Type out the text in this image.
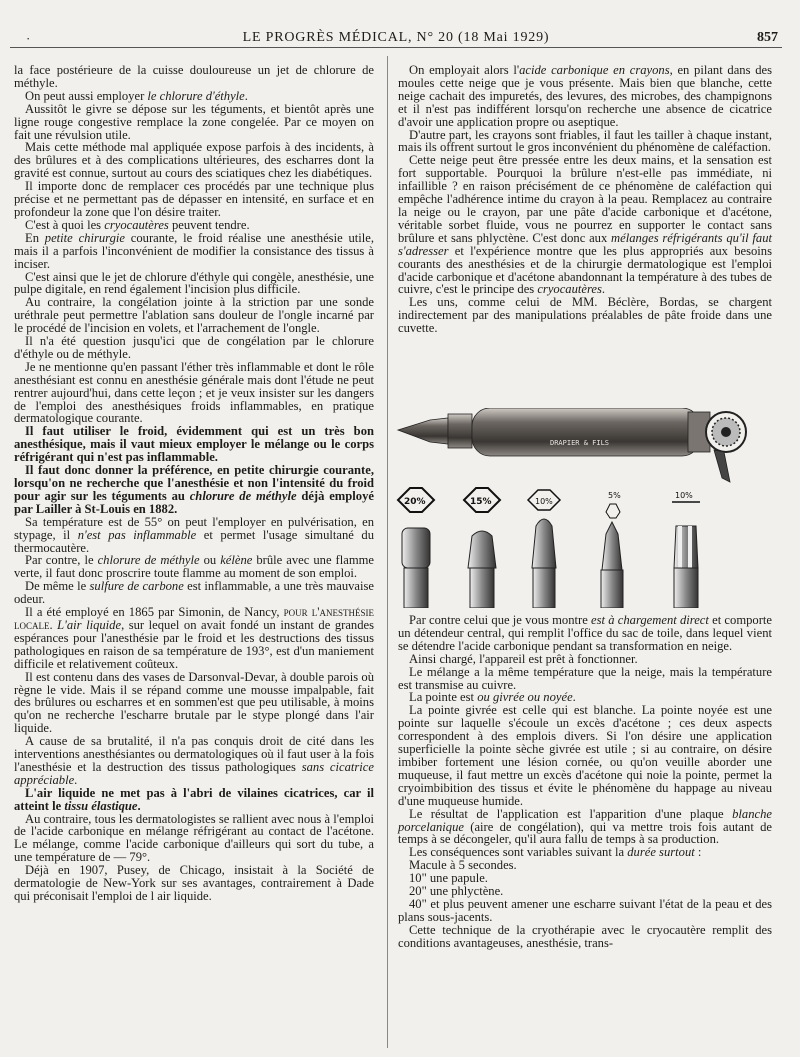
·	LE PROGRÈS MÉDICAL, N° 20 (18 Mai 1929)	857

la face postérieure de la cuisse douloureuse un jet de chlorure de méthyle.

On peut aussi employer le chlorure d'éthyle.

Aussitôt le givre se dépose sur les téguments, et bientôt après une ligne rouge congestive remplace la zone congelée. Par ce moyen on fait une révulsion utile.

Mais cette méthode mal appliquée expose parfois à des incidents, à des brûlures et à des complications ultérieures, des escharres dont la gravité est connue, surtout au cours des sciatiques chez les diabétiques.

Il importe donc de remplacer ces procédés par une technique plus précise et ne permettant pas de dépasser en intensité, en surface et en profondeur la zone que l'on désire traiter.

C'est à quoi les cryocautères peuvent tendre.

En petite chirurgie courante, le froid réalise une anesthésie utile, mais il a parfois l'inconvénient de modifier la consistance des tissus à inciser.

C'est ainsi que le jet de chlorure d'éthyle qui congèle, anesthésie, une pulpe digitale, en rend également l'incision plus difficile.

Au contraire, la congélation jointe à la striction par une sonde uréthrale peut permettre l'ablation sans douleur de l'ongle incarné par le procédé de l'incision en volets, et l'arrachement de l'ongle.

Il n'a été question jusqu'ici que de congélation par le chlorure d'éthyle ou de méthyle.

Je ne mentionne qu'en passant l'éther très inflammable et dont le rôle anesthésiant est connu en anesthésie générale mais dont l'étude ne peut rentrer aujourd'hui, dans cette leçon ; et je veux insister sur les dangers de l'emploi des anesthésiques froids inflammables, en pratique dermatologique courante.

Il faut utiliser le froid, évidemment qui est un très bon anesthésique, mais il vaut mieux employer le mélange ou le corps réfrigérant qui n'est pas inflammable.

Il faut donc donner la préférence, en petite chirurgie courante, lorsqu'on ne recherche que l'anesthésie et non l'intensité du froid pour agir sur les téguments au chlorure de méthyle déjà employé par Lailler à St-Louis en 1882.

Sa température est de 55° on peut l'employer en pulvérisation, en stypage, il n'est pas inflammable et permet l'usage simultané du thermocautère.

Par contre, le chlorure de méthyle ou kélène brûle avec une flamme verte, il faut donc proscrire toute flamme au moment de son emploi.

De même le sulfure de carbone est inflammable, a une très mauvaise odeur.

Il a été employé en 1865 par Simonin, de Nancy, pour l'anesthésie locale. L'air liquide, sur lequel on avait fondé un instant de grandes espérances pour l'anesthésie par le froid et les destructions des tissus pathologiques en raison de sa température de 193°, est d'un maniement difficile et relativement coûteux.

Il est contenu dans des vases de Darsonval-Devar, à double parois où règne le vide. Mais il se répand comme une mousse impalpable, fait des brûlures ou escharres et en sommen'est que peu utilisable, à moins qu'on ne recherche l'escharre brutale par le stype plongé dans l'air liquide.

A cause de sa brutalité, il n'a pas conquis droit de cité dans les interventions anesthésiantes ou dermatologiques où il faut user à la fois l'anesthésie et la destruction des tissus pathologiques sans cicatrice appréciable.

L'air liquide ne met pas à l'abri de vilaines cicatrices, car il atteint le tissu élastique.

Au contraire, tous les dermatologistes se rallient avec nous à l'emploi de l'acide carbonique en mélange réfrigérant au contact de l'acétone. Le mélange, comme l'acide carbonique d'ailleurs qui sort du tube, a une température de — 79°.

Déjà en 1907, Pusey, de Chicago, insistait à la Société de dermatologie de New-York sur ses avantages, contrairement à Dade qui préconisait l'emploi de l air liquide.

On employait alors l'acide carbonique en crayons, en pilant dans des moules cette neige que je vous présente. Mais bien que blanche, cette neige cachait des impuretés, des levures, des microbes, des champignons et il n'est pas indifférent lorsqu'on recherche une absence de cicatrice d'avoir une application propre ou aseptique.

D'autre part, les crayons sont friables, il faut les tailler à chaque instant, mais ils offrent surtout le gros inconvénient du phénomène de caléfaction.

Cette neige peut être pressée entre les deux mains, et la sensation est fort supportable. Pourquoi la brûlure n'est-elle pas immédiate, ni infaillible ? en raison précisément de ce phénomène de caléfaction qui empêche l'adhérence intime du crayon à la peau. Remplacez au contraire la neige ou le crayon, par une pâte d'acide carbonique et d'acétone, véritable sorbet fluide, vous ne pourrez en supporter le contact sans brûlure et sans phlyctène. C'est donc aux mélanges réfrigérants qu'il faut s'adresser et l'expérience montre que les plus appropriés aux besoins courants des anesthésies et de la chirurgie dermatologique est l'emploi d'acide carbonique et d'acétone abandonnant la température à des tubes de cuivre, c'est le principe des cryocautères.

Les uns, comme celui de MM. Béclère, Bordas, se chargent indirectement par des manipulations préalables de pâte froide dans une cuvette.

DRAPIER & FILS
20%	15%	10%
5%	10%

Par contre celui que je vous montre est à chargement direct et comporte un détendeur central, qui remplit l'office du sac de toile, dans lequel vient se détendre l'acide carbonique pendant sa transformation en neige.

Ainsi chargé, l'appareil est prêt à fonctionner.

Le mélange a la même température que la neige, mais la température est transmise au cuivre.

La pointe est ou givrée ou noyée.

La pointe givrée est celle qui est blanche. La pointe noyée est une pointe sur laquelle s'écoule un excès d'acétone ; ces deux aspects correspondent à des emplois divers. Si l'on désire une application superficielle la pointe sèche givrée est utile ; si au contraire, on désire imbiber fortement une lésion cornée, ou qu'on veuille aborder une muqueuse, il faut mettre un excès d'acétone qui noie la pointe, permet la cryoimbibition des tissus et évite le phénomène du happage au niveau d'une muqueuse humide.

Le résultat de l'application est l'apparition d'une plaque blanche porcelanique (aire de congélation), qui va mettre trois fois autant de temps à se décongeler, qu'il aura fallu de temps à sa production.

Les conséquences sont variables suivant la durée surtout :

Macule à 5 secondes.

10" une papule.

20" une phlyctène.

40" et plus peuvent amener une escharre suivant l'état de la peau et des plans sous-jacents.

Cette technique de la cryothérapie avec le cryocautère remplit des conditions avantageuses, anesthésie, trans-
